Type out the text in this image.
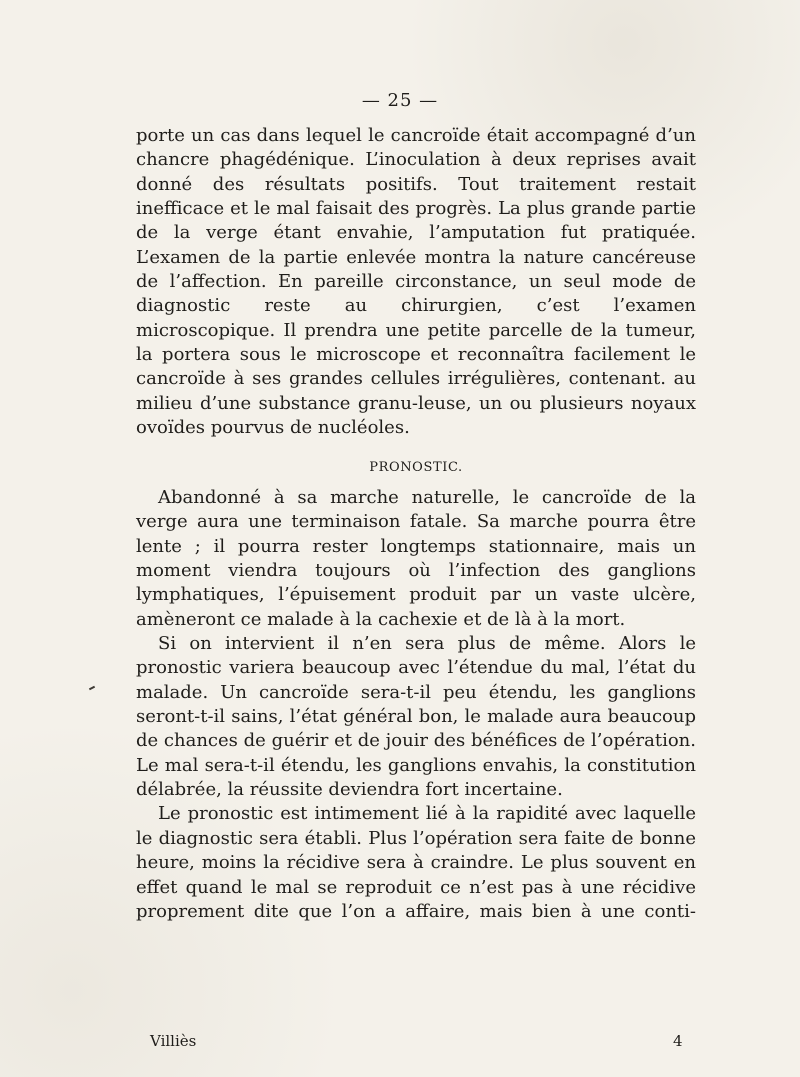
— 25 —

porte un cas dans lequel le cancroïde était accompagné d’un chancre phagédénique. L’inoculation à deux reprises avait donné des résultats positifs. Tout traitement restait inefficace et le mal faisait des progrès. La plus grande partie de la verge étant envahie, l’amputation fut pratiquée. L’examen de la partie enlevée montra la nature cancéreuse de l’affection. En pareille circonstance, un seul mode de diagnostic reste au chirurgien, c’est l’examen microscopique. Il prendra une petite parcelle de la tumeur, la portera sous le microscope et reconnaîtra facilement le cancroïde à ses grandes cellules irrégulières, contenant. au milieu d’une substance granu-leuse, un ou plusieurs noyaux ovoïdes pourvus de nucléoles.

PRONOSTIC.

Abandonné à sa marche naturelle, le cancroïde de la verge aura une terminaison fatale. Sa marche pourra être lente ; il pourra rester longtemps stationnaire, mais un moment viendra toujours où l’infection des ganglions lymphatiques, l’épuisement produit par un vaste ulcère, amèneront ce malade à la cachexie et de là à la mort.

Si on intervient il n’en sera plus de même. Alors le pronostic variera beaucoup avec l’étendue du mal, l’état du malade. Un cancroïde sera-t-il peu étendu, les ganglions seront-t-il sains, l’état général bon, le malade aura beaucoup de chances de guérir et de jouir des bénéfices de l’opération. Le mal sera-t-il étendu, les ganglions envahis, la constitution délabrée, la réussite deviendra fort incertaine.

Le pronostic est intimement lié à la rapidité avec laquelle le diagnostic sera établi. Plus l’opération sera faite de bonne heure, moins la récidive sera à craindre. Le plus souvent en effet quand le mal se reproduit ce n’est pas à une récidive proprement dite que l’on a affaire, mais bien à une conti-

Villiès	4
